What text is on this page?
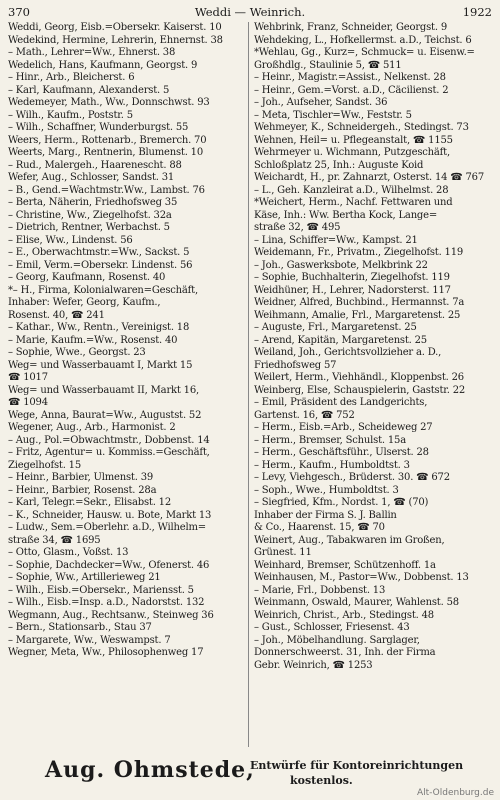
370	Weddi — Weinrich.	1922
Weddi, Georg, Eisb.=Obersekr. Kaiserst. 10
Wedekind, Hermine, Lehrerin, Ehnernst. 38
– Math., Lehrer=Ww., Ehnerst. 38
Wedelich, Hans, Kaufmann, Georgst. 9
– Hinr., Arb., Bleicherst. 6
– Karl, Kaufmann, Alexanderst. 5
Wedemeyer, Math., Ww., Donnschwst. 93
– Wilh., Kaufm., Poststr. 5
– Wilh., Schaffner, Wunderburgst. 55
Weers, Herm., Rottenarb., Bremerch. 70
Weerts, Marg., Rentnerin, Blumenst. 10
– Rud., Malergeh., Haarenescht. 88
Wefer, Aug., Schlosser, Sandst. 31
– B., Gend.=Wachtmstr.Ww., Lambst. 76
– Berta, Näherin, Friedhofsweg 35
– Christine, Ww., Ziegelhofst. 32a
– Dietrich, Rentner, Werbachst. 5
– Elise, Ww., Lindenst. 56
– E., Oberwachtmstr.=Ww., Sackst. 5
– Emil, Verm.=Obersekr. Lindenst. 56
– Georg, Kaufmann, Rosenst. 40
*– H., Firma, Kolonialwaren=Geschäft,
Inhaber: Wefer, Georg, Kaufm.,
Rosenst. 40, ☎ 241
– Kathar., Ww., Rentn., Vereinigst. 18
– Marie, Kaufm.=Ww., Rosenst. 40
– Sophie, Wwe., Georgst. 23
Weg= und Wasserbauamt I, Markt 15
☎ 1017
Weg= und Wasserbauamt II, Markt 16,
☎ 1094
Wege, Anna, Baurat=Ww., Augustst. 52
Wegener, Aug., Arb., Harmonist. 2
– Aug., Pol.=Obwachtmstr., Dobbenst. 14
– Fritz, Agentur= u. Kommiss.=Geschäft,
Ziegelhofst. 15
– Heinr., Barbier, Ulmenst. 39
– Heinr., Barbier, Rosenst. 28a
– Karl, Telegr.=Sekr., Elisabst. 12
– K., Schneider, Hausw. u. Bote, Markt 13
– Ludw., Sem.=Oberlehr. a.D., Wilhelm=
straße 34, ☎ 1695
– Otto, Glasm., Voßst. 13
– Sophie, Dachdecker=Ww., Ofenerst. 46
– Sophie, Ww., Artillerieweg 21
– Wilh., Eisb.=Obersekr., Mariensst. 5
– Wilh., Eisb.=Insp. a.D., Nadorstst. 132
Wegmann, Aug., Rechtsanw., Steinweg 36
– Bern., Stationsarb., Stau 37
– Margarete, Ww., Weswampst. 7
Wegner, Meta, Ww., Philosophenweg 17
Wehbrink, Franz, Schneider, Georgst. 9
Wehdeking, L., Hofkellermst. a.D., Teichst. 6
*Wehlau, Gg., Kurz=, Schmuck= u. Eisenw.=
Großhdlg., Staulinie 5, ☎ 511
– Heinr., Magistr.=Assist., Nelkenst. 28
– Heinr., Gem.=Vorst. a.D., Cäcilienst. 2
– Joh., Aufseher, Sandst. 36
– Meta, Tischler=Ww., Feststr. 5
Wehmeyer, K., Schneidergeh., Stedingst. 73
Wehnen, Heil= u. Pflegeanstalt, ☎ 1155
Wehrmeyer u. Wichmann, Putzgeschäft,
Schloßplatz 25, Inh.: Auguste Koid
Weichardt, H., pr. Zahnarzt, Osterst. 14 ☎ 767
– L., Geh. Kanzleirat a.D., Wilhelmst. 28
*Weichert, Herm., Nachf. Fettwaren und
Käse, Inh.: Ww. Bertha Kock, Lange=
straße 32, ☎ 495
– Lina, Schiffer=Ww., Kampst. 21
Weidemann, Fr., Privatm., Ziegelhofst. 119
– Joh., Gaswerksbote, Melkbrink 22
– Sophie, Buchhalterin, Ziegelhofst. 119
Weidhüner, H., Lehrer, Nadorsterst. 117
Weidner, Alfred, Buchbind., Hermannst. 7a
Weihmann, Amalie, Frl., Margaretenst. 25
– Auguste, Frl., Margaretenst. 25
– Arend, Kapitän, Margaretenst. 25
Weiland, Joh., Gerichtsvollzieher a. D.,
Friedhofsweg 57
Weilert, Herm., Viehhändl., Kloppenbst. 26
Weinberg, Else, Schauspielerin, Gaststr. 22
– Emil, Präsident des Landgerichts,
Gartenst. 16, ☎ 752
– Herm., Eisb.=Arb., Scheideweg 27
– Herm., Bremser, Schulst. 15a
– Herm., Geschäftsführ., Ulserst. 28
– Herm., Kaufm., Humboldtst. 3
– Levy, Viehgesch., Brüderst. 30. ☎ 672
– Soph., Wwe., Humboldtst. 3
– Siegfried, Kfm., Nordst. 1, ☎ (70)
Inhaber der Firma S. J. Ballin
& Co., Haarenst. 15, ☎ 70
Weinert, Aug., Tabakwaren im Großen,
Grünest. 11
Weinhard, Bremser, Schützenhoff. 1a
Weinhausen, M., Pastor=Ww., Dobbenst. 13
– Marie, Frl., Dobbenst. 13
Weinmann, Oswald, Maurer, Wahlenst. 58
Weinrich, Christ., Arb., Stedingst. 48
– Gust., Schlosser, Friesenst. 43
– Joh., Möbelhandlung. Sarglager,
Donnerschweerst. 31, Inh. der Firma
Gebr. Weinrich, ☎ 1253
Aug. Ohmstede,
Entwürfe für Kontoreinrichtungen
kostenlos.
Alt-Oldenburg.de
